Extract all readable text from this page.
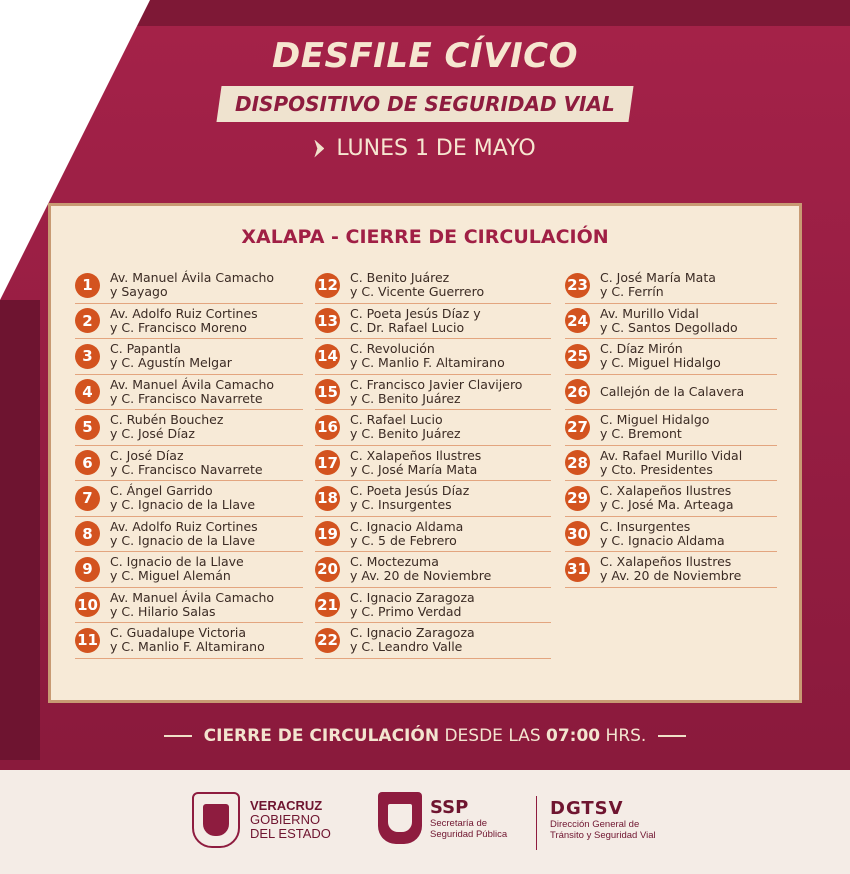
DESFILE CÍVICO
DISPOSITIVO DE SEGURIDAD VIAL
LUNES 1 DE MAYO
XALAPA - CIERRE DE CIRCULACIÓN
1	Av. Manuel Ávila Camacho
y Sayago
2	Av. Adolfo Ruiz Cortines
y C. Francisco Moreno
3	C. Papantla
y C. Agustín Melgar
4	Av. Manuel Ávila Camacho
y C. Francisco Navarrete
5	C. Rubén Bouchez
y C. José Díaz
6	C. José Díaz
y C. Francisco Navarrete
7	C. Ángel Garrido
y C. Ignacio de la Llave
8	Av. Adolfo Ruiz Cortines
y C. Ignacio de la Llave
9	C. Ignacio de la Llave
y C. Miguel Alemán
10 Av. Manuel Ávila Camacho
y C. Hilario Salas
11 C. Guadalupe Victoria
y C. Manlio F. Altamirano
12 C. Benito Juárez
y C. Vicente Guerrero
13 C. Poeta Jesús Díaz y
C. Dr. Rafael Lucio
14 C. Revolución
y C. Manlio F. Altamirano
15 C. Francisco Javier Clavijero
y C. Benito Juárez
16 C. Rafael Lucio
y C. Benito Juárez
17 C. Xalapeños Ilustres
y C. José María Mata
18 C. Poeta Jesús Díaz
y C. Insurgentes
19 C. Ignacio Aldama
y C. 5 de Febrero
20 C. Moctezuma
y Av. 20 de Noviembre
21 C. Ignacio Zaragoza
y C. Primo Verdad
22 C. Ignacio Zaragoza
y C. Leandro Valle
23 C. José María Mata
y C. Ferrín
24 Av. Murillo Vidal
y C. Santos Degollado
25 C. Díaz Mirón
y C. Miguel Hidalgo
26 Callejón de la Calavera
27 C. Miguel Hidalgo
y C. Bremont
28 Av. Rafael Murillo Vidal
y Cto. Presidentes
29 C. Xalapeños Ilustres
y C. José Ma. Arteaga
30 C. Insurgentes
y C. Ignacio Aldama
31 C. Xalapeños Ilustres
y Av. 20 de Noviembre
CIERRE DE CIRCULACIÓN DESDE LAS 07:00 HRS.
VERACRUZ
GOBIERNO
DEL ESTADO
SSP
Secretaría de
Seguridad Pública
DGTSV
Dirección General de
Tránsito y Seguridad Vial
